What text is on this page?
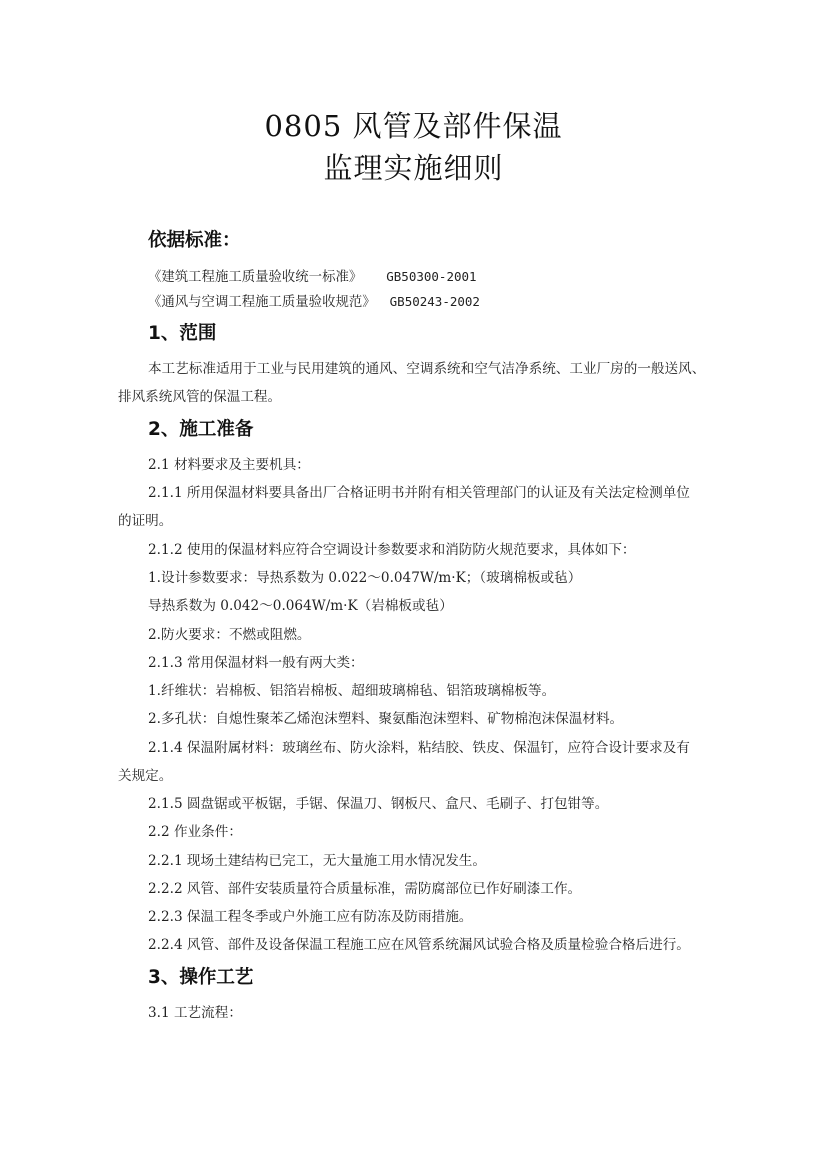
0805 风管及部件保温
监理实施细则
依据标准：
《建筑工程施工质量验收统一标准》 GB50300-2001
《通风与空调工程施工质量验收规范》 GB50243-2002
1、范围
本工艺标准适用于工业与民用建筑的通风、空调系统和空气洁净系统、工业厂房的一般送风、
排风系统风管的保温工程。
2、施工准备
2.1 材料要求及主要机具：
2.1.1 所用保温材料要具备出厂合格证明书并附有相关管理部门的认证及有关法定检测单位
的证明。
2.1.2 使用的保温材料应符合空调设计参数要求和消防防火规范要求，具体如下：
1.设计参数要求：导热系数为 0.022～0.047W/m·K；（玻璃棉板或毡）
导热系数为 0.042～0.064W/m·K（岩棉板或毡）
2.防火要求：不燃或阻燃。
2.1.3 常用保温材料一般有两大类：
1.纤维状：岩棉板、铝箔岩棉板、超细玻璃棉毡、铝箔玻璃棉板等。
2.多孔状：自熄性聚苯乙烯泡沫塑料、聚氨酯泡沫塑料、矿物棉泡沫保温材料。
2.1.4 保温附属材料：玻璃丝布、防火涂料，粘结胶、铁皮、保温钉，应符合设计要求及有
关规定。
2.1.5 圆盘锯或平板锯，手锯、保温刀、钢板尺、盒尺、毛刷子、打包钳等。
2.2 作业条件：
2.2.1 现场土建结构已完工，无大量施工用水情况发生。
2.2.2 风管、部件安装质量符合质量标准，需防腐部位已作好刷漆工作。
2.2.3 保温工程冬季或户外施工应有防冻及防雨措施。
2.2.4 风管、部件及设备保温工程施工应在风管系统漏风试验合格及质量检验合格后进行。
3、操作工艺
3.1 工艺流程：
